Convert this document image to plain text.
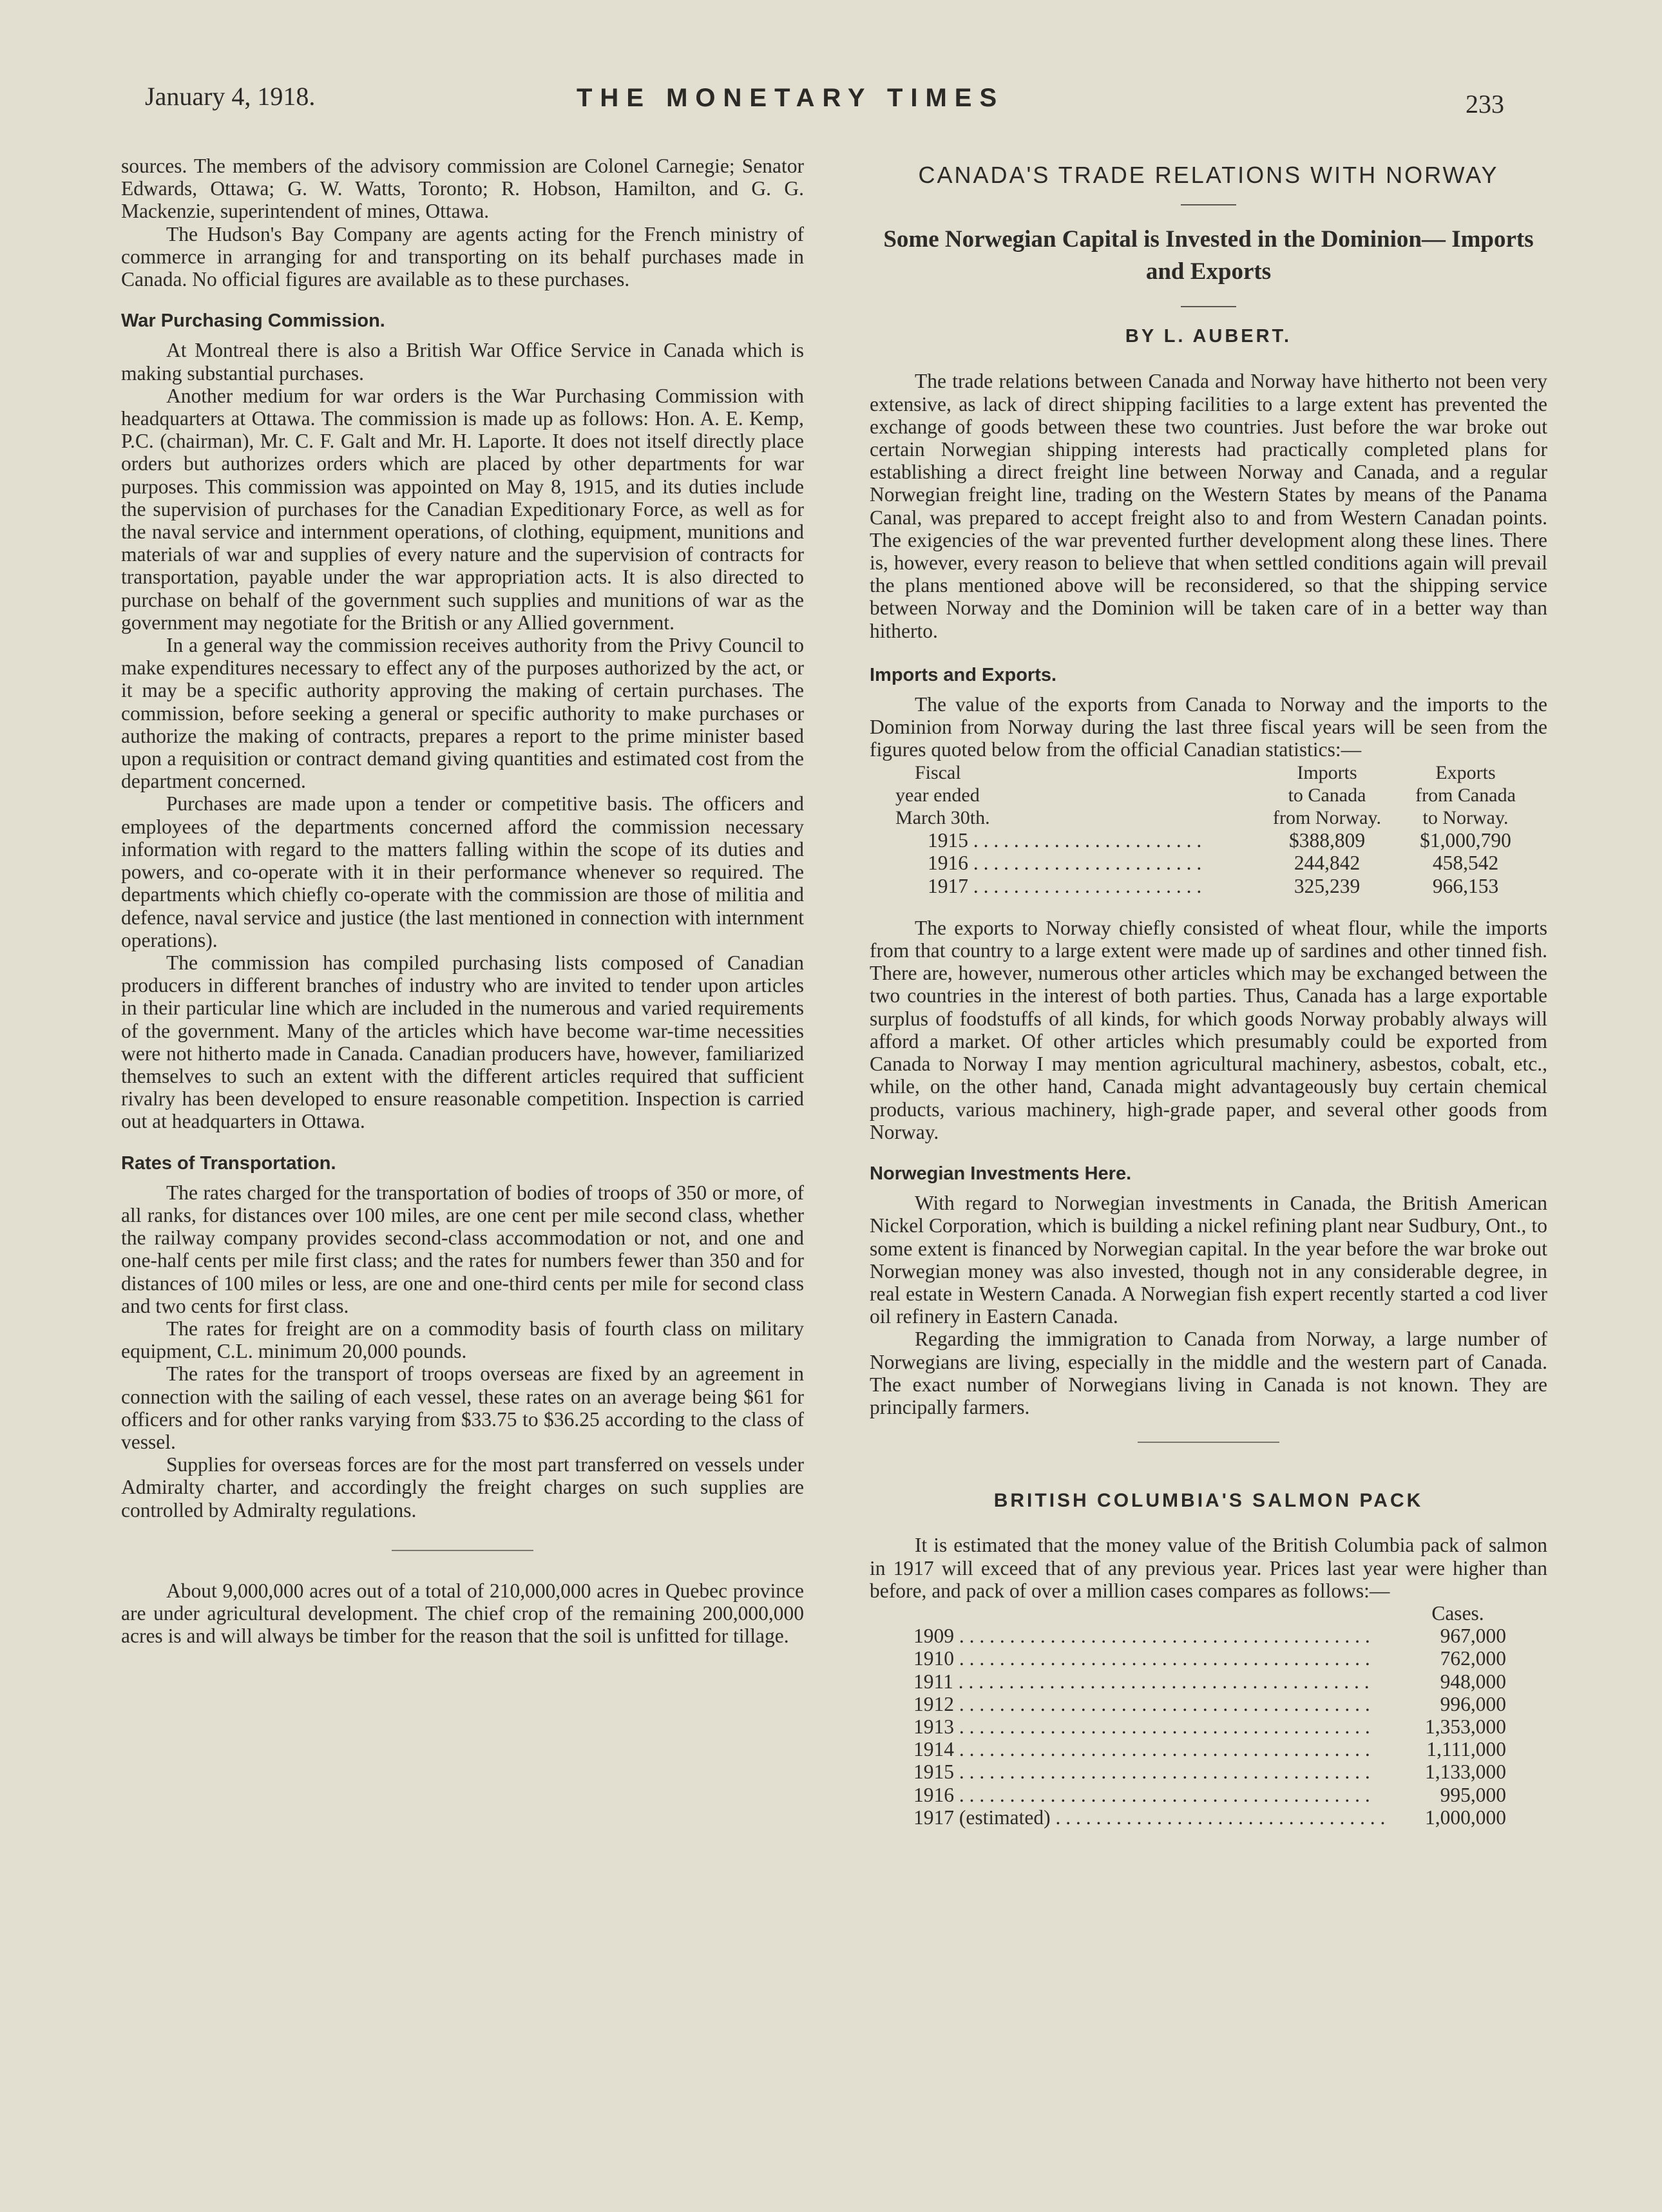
January 4, 1918.	THE MONETARY TIMES	233

sources. The members of the advisory commission are Colonel Carnegie; Senator Edwards, Ottawa; G. W. Watts, Toronto; R. Hobson, Hamilton, and G. G. Mackenzie, superintendent of mines, Ottawa.

The Hudson's Bay Company are agents acting for the French ministry of commerce in arranging for and transporting on its behalf purchases made in Canada. No official figures are available as to these purchases.

War Purchasing Commission.

At Montreal there is also a British War Office Service in Canada which is making substantial purchases.

Another medium for war orders is the War Purchasing Commission with headquarters at Ottawa. The commission is made up as follows: Hon. A. E. Kemp, P.C. (chairman), Mr. C. F. Galt and Mr. H. Laporte. It does not itself directly place orders but authorizes orders which are placed by other departments for war purposes. This commission was appointed on May 8, 1915, and its duties include the supervision of purchases for the Canadian Expeditionary Force, as well as for the naval service and internment operations, of clothing, equipment, munitions and materials of war and supplies of every nature and the supervision of contracts for transportation, payable under the war appropriation acts. It is also directed to purchase on behalf of the government such supplies and munitions of war as the government may negotiate for the British or any Allied government.

In a general way the commission receives authority from the Privy Council to make expenditures necessary to effect any of the purposes authorized by the act, or it may be a specific authority approving the making of certain purchases. The commission, before seeking a general or specific authority to make purchases or authorize the making of contracts, prepares a report to the prime minister based upon a requisition or contract demand giving quantities and estimated cost from the department concerned.

Purchases are made upon a tender or competitive basis. The officers and employees of the departments concerned afford the commission necessary information with regard to the matters falling within the scope of its duties and powers, and co-operate with it in their performance whenever so required. The departments which chiefly co-operate with the commission are those of militia and defence, naval service and justice (the last mentioned in connection with internment operations).

The commission has compiled purchasing lists composed of Canadian producers in different branches of industry who are invited to tender upon articles in their particular line which are included in the numerous and varied requirements of the government. Many of the articles which have become war-time necessities were not hitherto made in Canada. Canadian producers have, however, familiarized themselves to such an extent with the different articles required that sufficient rivalry has been developed to ensure reasonable competition. Inspection is carried out at headquarters in Ottawa.

Rates of Transportation.

The rates charged for the transportation of bodies of troops of 350 or more, of all ranks, for distances over 100 miles, are one cent per mile second class, whether the railway company provides second-class accommodation or not, and one and one-half cents per mile first class; and the rates for numbers fewer than 350 and for distances of 100 miles or less, are one and one-third cents per mile for second class and two cents for first class.

The rates for freight are on a commodity basis of fourth class on military equipment, C.L. minimum 20,000 pounds.

The rates for the transport of troops overseas are fixed by an agreement in connection with the sailing of each vessel, these rates on an average being $61 for officers and for other ranks varying from $33.75 to $36.25 according to the class of vessel.

Supplies for overseas forces are for the most part transferred on vessels under Admiralty charter, and accordingly the freight charges on such supplies are controlled by Admiralty regulations.

About 9,000,000 acres out of a total of 210,000,000 acres in Quebec province are under agricultural development. The chief crop of the remaining 200,000,000 acres is and will always be timber for the reason that the soil is unfitted for tillage.

CANADA'S TRADE RELATIONS WITH NORWAY
Some Norwegian Capital is Invested in the Dominion— Imports and Exports
BY L. AUBERT.

The trade relations between Canada and Norway have hitherto not been very extensive, as lack of direct shipping facilities to a large extent has prevented the exchange of goods between these two countries. Just before the war broke out certain Norwegian shipping interests had practically completed plans for establishing a direct freight line between Norway and Canada, and a regular Norwegian freight line, trading on the Western States by means of the Panama Canal, was prepared to accept freight also to and from Western Canadan points. The exigencies of the war prevented further development along these lines. There is, however, every reason to believe that when settled conditions again will prevail the plans mentioned above will be reconsidered, so that the shipping service between Norway and the Dominion will be taken care of in a better way than hitherto.

Imports and Exports.

The value of the exports from Canada to Norway and the imports to the Dominion from Norway during the last three fiscal years will be seen from the figures quoted below from the official Canadian statistics:—

Fiscal	Imports	Exports
year ended	to Canada	from Canada
March 30th.	from Norway.	to Norway.
1915 . . . . . . . . . . . . . . . . . . . . . . .	$388,809	$1,000,790
1916 . . . . . . . . . . . . . . . . . . . . . . .	244,842	458,542
1917 . . . . . . . . . . . . . . . . . . . . . . .	325,239	966,153

The exports to Norway chiefly consisted of wheat flour, while the imports from that country to a large extent were made up of sardines and other tinned fish. There are, however, numerous other articles which may be exchanged between the two countries in the interest of both parties. Thus, Canada has a large exportable surplus of foodstuffs of all kinds, for which goods Norway probably always will afford a market. Of other articles which presumably could be exported from Canada to Norway I may mention agricultural machinery, asbestos, cobalt, etc., while, on the other hand, Canada might advantageously buy certain chemical products, various machinery, high-grade paper, and several other goods from Norway.

Norwegian Investments Here.

With regard to Norwegian investments in Canada, the British American Nickel Corporation, which is building a nickel refining plant near Sudbury, Ont., to some extent is financed by Norwegian capital. In the year before the war broke out Norwegian money was also invested, though not in any considerable degree, in real estate in Western Canada. A Norwegian fish expert recently started a cod liver oil refinery in Eastern Canada.

Regarding the immigration to Canada from Norway, a large number of Norwegians are living, especially in the middle and the western part of Canada. The exact number of Norwegians living in Canada is not known. They are principally farmers.

BRITISH COLUMBIA'S SALMON PACK

It is estimated that the money value of the British Columbia pack of salmon in 1917 will exceed that of any previous year. Prices last year were higher than before, and pack of over a million cases compares as follows:—

	Cases.
1909 . . . . . . . . . . . . . . . . . . . . . . . . . . . . . . . . . . . . . . . . .	967,000
1910 . . . . . . . . . . . . . . . . . . . . . . . . . . . . . . . . . . . . . . . . .	762,000
1911 . . . . . . . . . . . . . . . . . . . . . . . . . . . . . . . . . . . . . . . . .	948,000
1912 . . . . . . . . . . . . . . . . . . . . . . . . . . . . . . . . . . . . . . . . .	996,000
1913 . . . . . . . . . . . . . . . . . . . . . . . . . . . . . . . . . . . . . . . . .	1,353,000
1914 . . . . . . . . . . . . . . . . . . . . . . . . . . . . . . . . . . . . . . . . .	1,111,000
1915 . . . . . . . . . . . . . . . . . . . . . . . . . . . . . . . . . . . . . . . . .	1,133,000
1916 . . . . . . . . . . . . . . . . . . . . . . . . . . . . . . . . . . . . . . . . .	995,000
1917 (estimated) . . . . . . . . . . . . . . . . . . . . . . . . . . . . . . . . .	1,000,000
